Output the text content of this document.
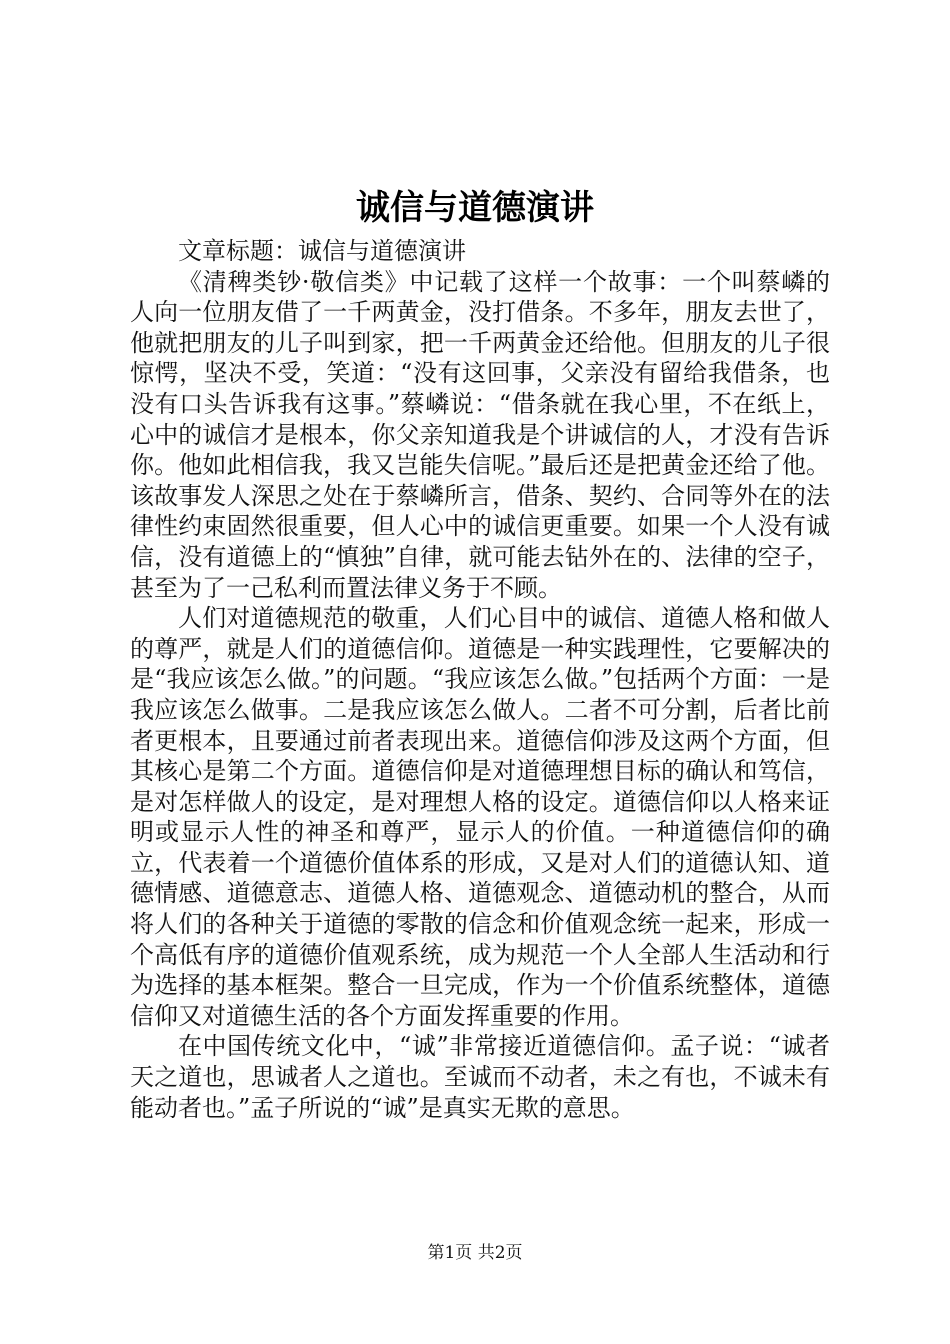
诚信与道德演讲

文章标题：诚信与道德演讲

《清稗类钞·敬信类》中记载了这样一个故事：一个叫蔡嶙的人向一位朋友借了一千两黄金，没打借条。不多年，朋友去世了，他就把朋友的儿子叫到家，把一千两黄金还给他。但朋友的儿子很惊愕，坚决不受，笑道：“没有这回事，父亲没有留给我借条，也没有口头告诉我有这事。”蔡嶙说：“借条就在我心里，不在纸上，心中的诚信才是根本，你父亲知道我是个讲诚信的人，才没有告诉你。他如此相信我，我又岂能失信呢。”最后还是把黄金还给了他。该故事发人深思之处在于蔡嶙所言，借条、契约、合同等外在的法律性约束固然很重要，但人心中的诚信更重要。如果一个人没有诚信，没有道德上的“慎独”自律，就可能去钻外在的、法律的空子，甚至为了一己私利而置法律义务于不顾。

人们对道德规范的敬重，人们心目中的诚信、道德人格和做人的尊严，就是人们的道德信仰。道德是一种实践理性，它要解决的是“我应该怎么做。”的问题。“我应该怎么做。”包括两个方面：一是我应该怎么做事。二是我应该怎么做人。二者不可分割，后者比前者更根本，且要通过前者表现出来。道德信仰涉及这两个方面，但其核心是第二个方面。道德信仰是对道德理想目标的确认和笃信，是对怎样做人的设定，是对理想人格的设定。道德信仰以人格来证明或显示人性的神圣和尊严，显示人的价值。一种道德信仰的确立，代表着一个道德价值体系的形成，又是对人们的道德认知、道德情感、道德意志、道德人格、道德观念、道德动机的整合，从而将人们的各种关于道德的零散的信念和价值观念统一起来，形成一个高低有序的道德价值观系统，成为规范一个人全部人生活动和行为选择的基本框架。整合一旦完成，作为一个价值系统整体，道德信仰又对道德生活的各个方面发挥重要的作用。

在中国传统文化中，“诚”非常接近道德信仰。孟子说：“诚者天之道也，思诚者人之道也。至诚而不动者，未之有也，不诚未有能动者也。”孟子所说的“诚”是真实无欺的意思。

第1页 共2页
